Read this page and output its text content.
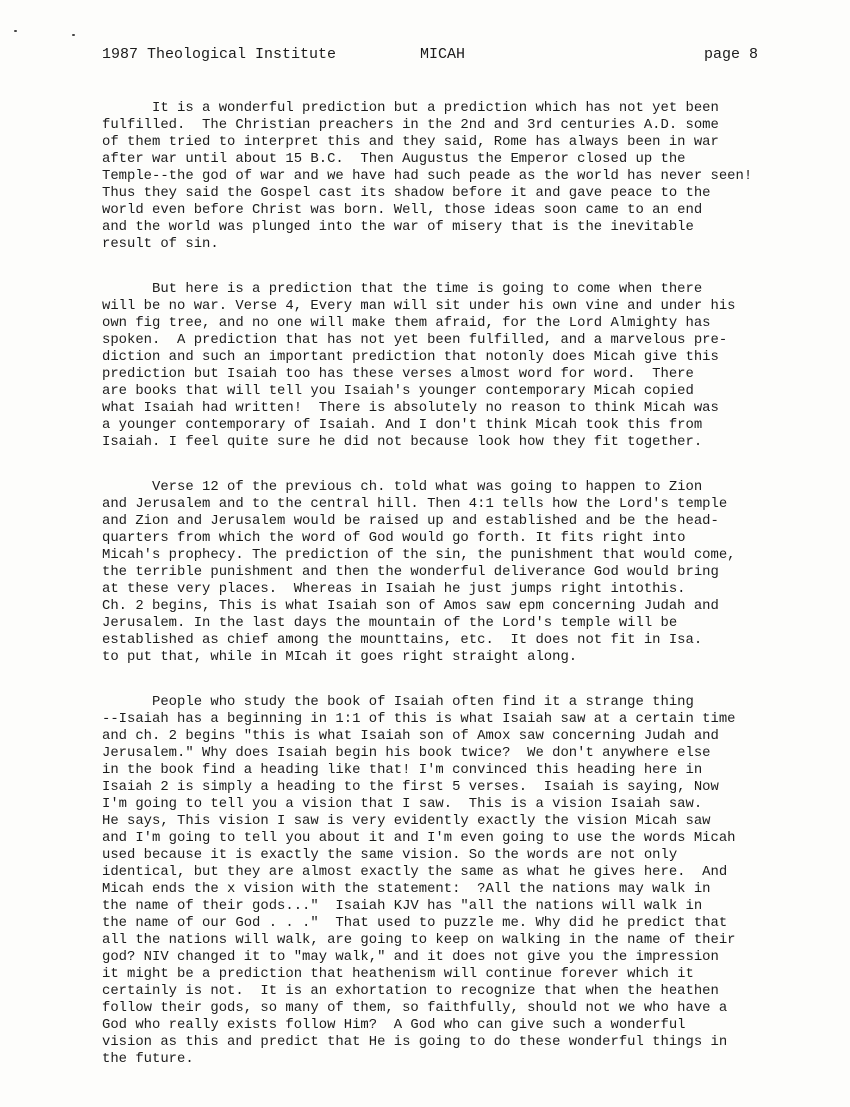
1987 Theological Institute	MICAH	page 8
It is a wonderful prediction but a prediction which has not yet been
fulfilled.  The Christian preachers in the 2nd and 3rd centuries A.D. some
of them tried to interpret this and they said, Rome has always been in war
after war until about 15 B.C.  Then Augustus the Emperor closed up the
Temple--the god of war and we have had such peade as the world has never seen!
Thus they said the Gospel cast its shadow before it and gave peace to the
world even before Christ was born. Well, those ideas soon came to an end
and the world was plunged into the war of misery that is the inevitable
result of sin.
But here is a prediction that the time is going to come when there
will be no war. Verse 4, Every man will sit under his own vine and under his
own fig tree, and no one will make them afraid, for the Lord Almighty has
spoken.  A prediction that has not yet been fulfilled, and a marvelous pre-
diction and such an important prediction that notonly does Micah give this
prediction but Isaiah too has these verses almost word for word.  There
are books that will tell you Isaiah's younger contemporary Micah copied
what Isaiah had written!  There is absolutely no reason to think Micah was
a younger contemporary of Isaiah. And I don't think Micah took this from
Isaiah. I feel quite sure he did not because look how they fit together.
Verse 12 of the previous ch. told what was going to happen to Zion
and Jerusalem and to the central hill. Then 4:1 tells how the Lord's temple
and Zion and Jerusalem would be raised up and established and be the head-
quarters from which the word of God would go forth. It fits right into
Micah's prophecy. The prediction of the sin, the punishment that would come,
the terrible punishment and then the wonderful deliverance God would bring
at these very places.  Whereas in Isaiah he just jumps right intothis.
Ch. 2 begins, This is what Isaiah son of Amos saw epm concerning Judah and
Jerusalem. In the last days the mountain of the Lord's temple will be
established as chief among the mounttains, etc.  It does not fit in Isa.
to put that, while in MIcah it goes right straight along.
People who study the book of Isaiah often find it a strange thing
--Isaiah has a beginning in 1:1 of this is what Isaiah saw at a certain time
and ch. 2 begins "this is what Isaiah son of Amox saw concerning Judah and
Jerusalem." Why does Isaiah begin his book twice?  We don't anywhere else
in the book find a heading like that! I'm convinced this heading here in
Isaiah 2 is simply a heading to the first 5 verses.  Isaiah is saying, Now
I'm going to tell you a vision that I saw.  This is a vision Isaiah saw.
He says, This vision I saw is very evidently exactly the vision Micah saw
and I'm going to tell you about it and I'm even going to use the words Micah
used because it is exactly the same vision. So the words are not only
identical, but they are almost exactly the same as what he gives here.  And
Micah ends the x vision with the statement:  ?All the nations may walk in
the name of their gods..."  Isaiah KJV has "all the nations will walk in
the name of our God . . ."  That used to puzzle me. Why did he predict that
all the nations will walk, are going to keep on walking in the name of their
god? NIV changed it to "may walk," and it does not give you the impression
it might be a prediction that heathenism will continue forever which it
certainly is not.  It is an exhortation to recognize that when the heathen
follow their gods, so many of them, so faithfully, should not we who have a
God who really exists follow Him?  A God who can give such a wonderful
vision as this and predict that He is going to do these wonderful things in
the future.
